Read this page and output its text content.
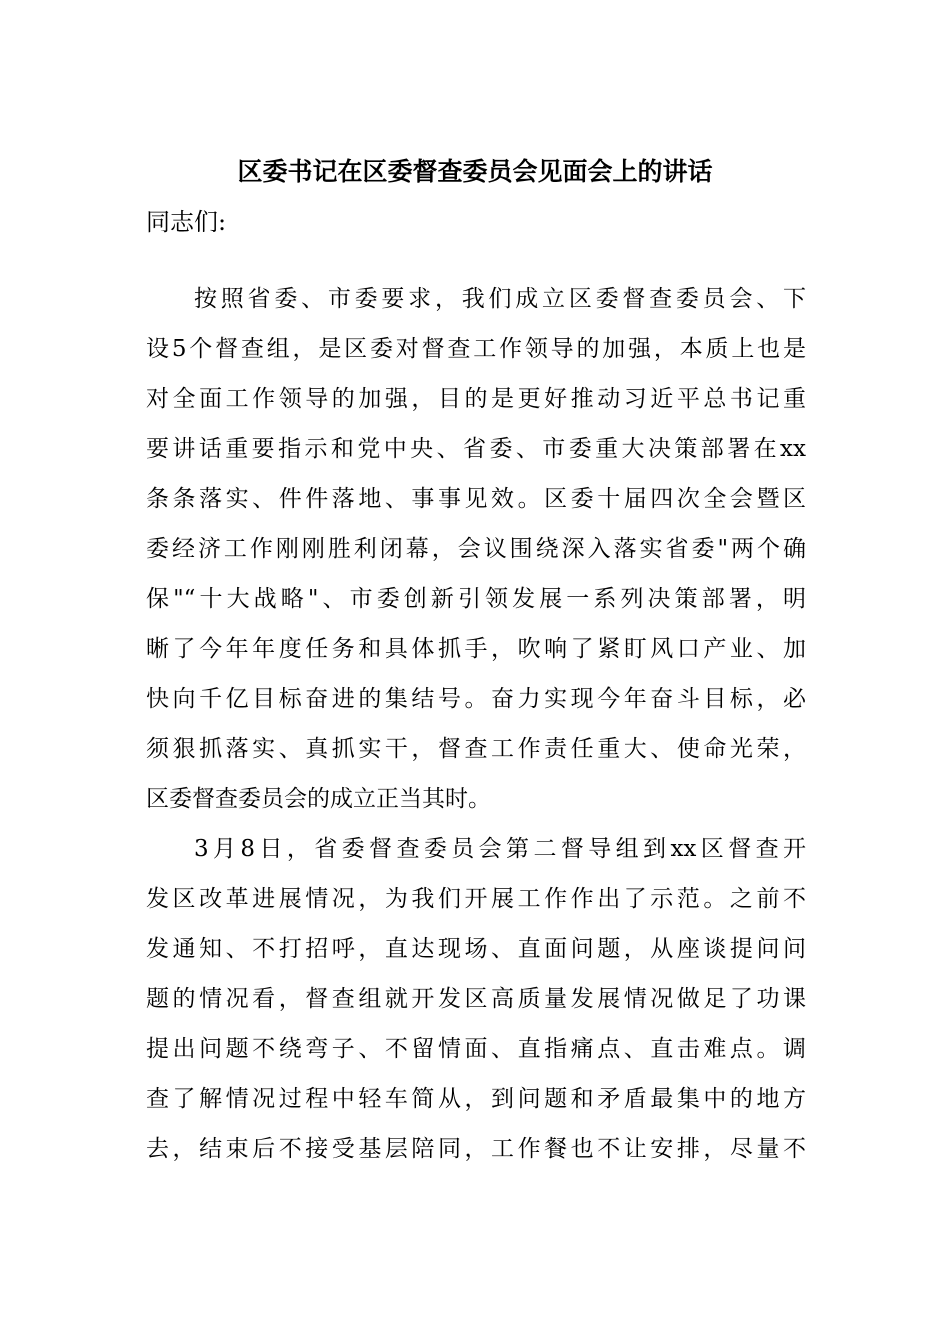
区委书记在区委督查委员会见面会上的讲话

同志们:

按照省委、市委要求，我们成立区委督查委员会、下
设5个督查组，是区委对督查工作领导的加强，本质上也是
对全面工作领导的加强，目的是更好推动习近平总书记重
要讲话重要指示和党中央、省委、市委重大决策部署在xx
条条落实、件件落地、事事见效。区委十届四次全会暨区
委经济工作刚刚胜利闭幕，会议围绕深入落实省委"两个确
保"“十大战略"、市委创新引领发展一系列决策部署，明
晰了今年年度任务和具体抓手，吹响了紧盯风口产业、加
快向千亿目标奋进的集结号。奋力实现今年奋斗目标，必
须狠抓落实、真抓实干，督查工作责任重大、使命光荣，
区委督查委员会的成立正当其时。
3月8日，省委督查委员会第二督导组到xx区督查开
发区改革进展情况，为我们开展工作作出了示范。之前不
发通知、不打招呼，直达现场、直面问题，从座谈提问问
题的情况看，督查组就开发区高质量发展情况做足了功课
提出问题不绕弯子、不留情面、直指痛点、直击难点。调
查了解情况过程中轻车简从，到问题和矛盾最集中的地方
去，结束后不接受基层陪同，工作餐也不让安排，尽量不
